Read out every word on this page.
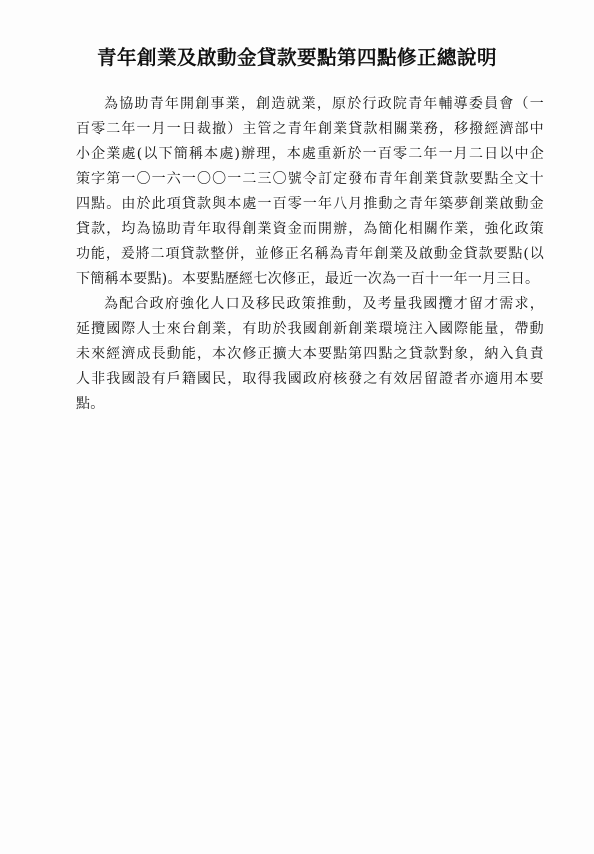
青年創業及啟動金貸款要點第四點修正總說明
為協助青年開創事業，創造就業，原於行政院青年輔導委員會（一
百零二年一月一日裁撤）主管之青年創業貸款相關業務，移撥經濟部中
小企業處(以下簡稱本處)辦理，本處重新於一百零二年一月二日以中企
策字第一〇一六一〇〇一二三〇號令訂定發布青年創業貸款要點全文十
四點。由於此項貸款與本處一百零一年八月推動之青年築夢創業啟動金
貸款，均為協助青年取得創業資金而開辦，為簡化相關作業，強化政策
功能，爰將二項貸款整併，並修正名稱為青年創業及啟動金貸款要點(以
下簡稱本要點)。本要點歷經七次修正，最近一次為一百十一年一月三日。
為配合政府強化人口及移民政策推動，及考量我國攬才留才需求，
延攬國際人士來台創業，有助於我國創新創業環境注入國際能量，帶動
未來經濟成長動能，本次修正擴大本要點第四點之貸款對象，納入負責
人非我國設有戶籍國民，取得我國政府核發之有效居留證者亦適用本要
點。
